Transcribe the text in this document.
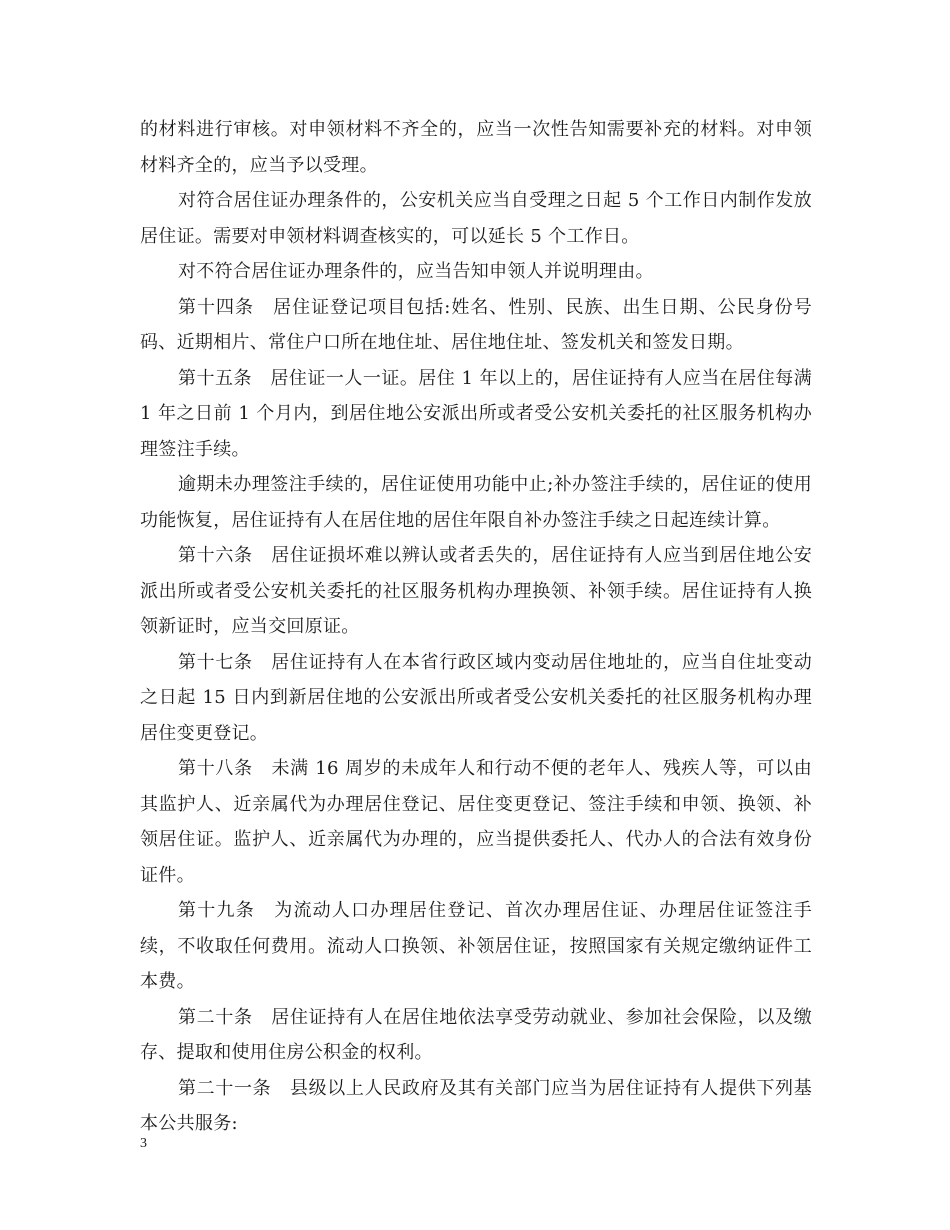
的材料进行审核。对申领材料不齐全的，应当一次性告知需要补充的材料。对申领材料齐全的，应当予以受理。

对符合居住证办理条件的，公安机关应当自受理之日起 5 个工作日内制作发放居住证。需要对申领材料调查核实的，可以延长 5 个工作日。

对不符合居住证办理条件的，应当告知申领人并说明理由。

第十四条　居住证登记项目包括:姓名、性别、民族、出生日期、公民身份号码、近期相片、常住户口所在地住址、居住地住址、签发机关和签发日期。

第十五条　居住证一人一证。居住 1 年以上的，居住证持有人应当在居住每满 1 年之日前 1 个月内，到居住地公安派出所或者受公安机关委托的社区服务机构办理签注手续。

逾期未办理签注手续的，居住证使用功能中止;补办签注手续的，居住证的使用功能恢复，居住证持有人在居住地的居住年限自补办签注手续之日起连续计算。

第十六条　居住证损坏难以辨认或者丢失的，居住证持有人应当到居住地公安派出所或者受公安机关委托的社区服务机构办理换领、补领手续。居住证持有人换领新证时，应当交回原证。

第十七条　居住证持有人在本省行政区域内变动居住地址的，应当自住址变动之日起 15 日内到新居住地的公安派出所或者受公安机关委托的社区服务机构办理居住变更登记。

第十八条　未满 16 周岁的未成年人和行动不便的老年人、残疾人等，可以由其监护人、近亲属代为办理居住登记、居住变更登记、签注手续和申领、换领、补领居住证。监护人、近亲属代为办理的，应当提供委托人、代办人的合法有效身份证件。

第十九条　为流动人口办理居住登记、首次办理居住证、办理居住证签注手续，不收取任何费用。流动人口换领、补领居住证，按照国家有关规定缴纳证件工本费。

第二十条　居住证持有人在居住地依法享受劳动就业、参加社会保险，以及缴存、提取和使用住房公积金的权利。

第二十一条　县级以上人民政府及其有关部门应当为居住证持有人提供下列基本公共服务:

3
